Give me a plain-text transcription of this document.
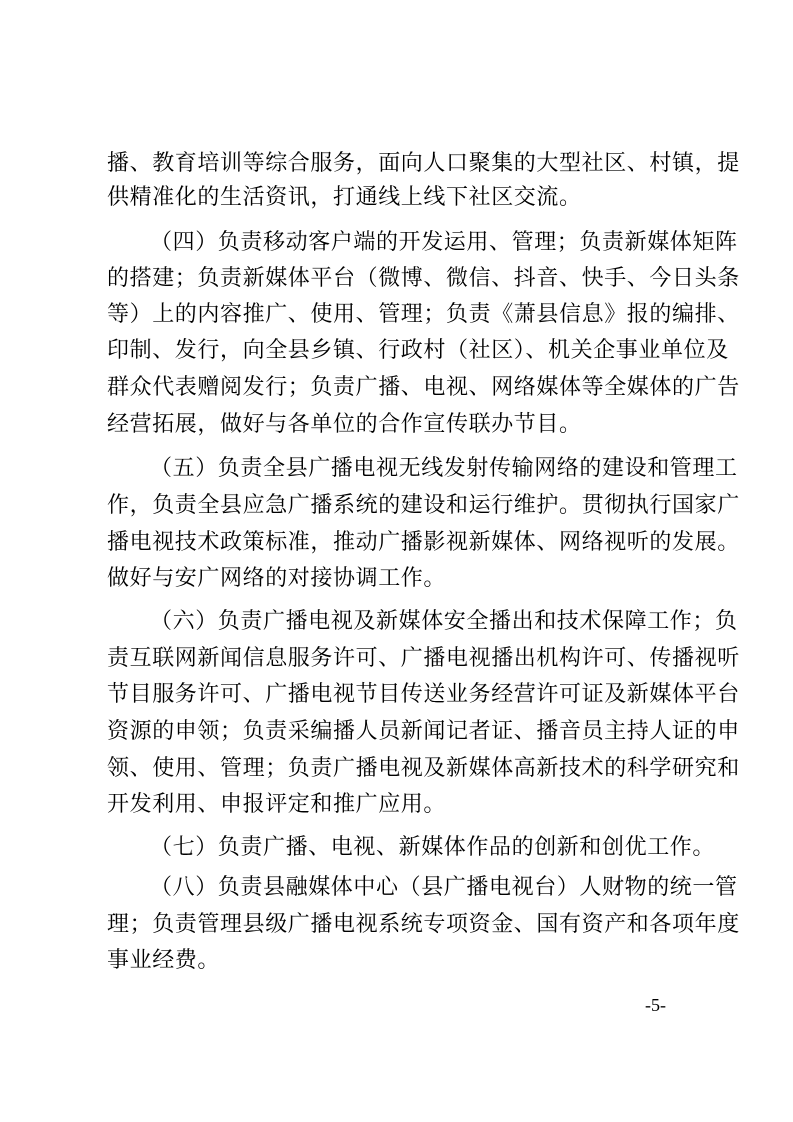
播、教育培训等综合服务，面向人口聚集的大型社区、村镇，提
供精准化的生活资讯，打通线上线下社区交流。
（四）负责移动客户端的开发运用、管理；负责新媒体矩阵
的搭建；负责新媒体平台（微博、微信、抖音、快手、今日头条
等）上的内容推广、使用、管理；负责《萧县信息》报的编排、
印制、发行，向全县乡镇、行政村（社区）、机关企事业单位及
群众代表赠阅发行；负责广播、电视、网络媒体等全媒体的广告
经营拓展，做好与各单位的合作宣传联办节目。
（五）负责全县广播电视无线发射传输网络的建设和管理工
作，负责全县应急广播系统的建设和运行维护。贯彻执行国家广
播电视技术政策标准，推动广播影视新媒体、网络视听的发展。
做好与安广网络的对接协调工作。
（六）负责广播电视及新媒体安全播出和技术保障工作；负
责互联网新闻信息服务许可、广播电视播出机构许可、传播视听
节目服务许可、广播电视节目传送业务经营许可证及新媒体平台
资源的申领；负责采编播人员新闻记者证、播音员主持人证的申
领、使用、管理；负责广播电视及新媒体高新技术的科学研究和
开发利用、申报评定和推广应用。
（七）负责广播、电视、新媒体作品的创新和创优工作。
（八）负责县融媒体中心（县广播电视台）人财物的统一管
理；负责管理县级广播电视系统专项资金、国有资产和各项年度
事业经费。
-5-
